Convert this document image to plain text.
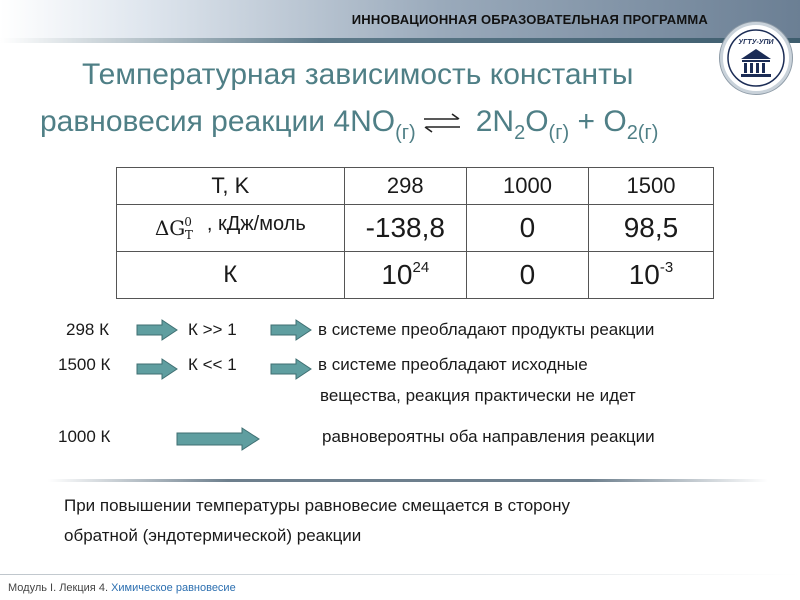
ИННОВАЦИОННАЯ ОБРАЗОВАТЕЛЬНАЯ ПРОГРАММА
УГТУ-УПИ
Температурная зависимость константы
равновесия реакции $4NO_{(г)}$ ⇌ $2N_2O_{(г)} + O_{2(г)}$
T, K	298	1000	1500
$\Delta G^0_T$ $^{, кДж/моль}$	-138,8	0	98,5
К	$10^{24}$	0	$10^{-3}$
298 К	К >> 1	в системе преобладают продукты реакции
1500 К	К << 1	в системе преобладают исходные
вещества, реакция практически не идет
1000 К	равновероятны оба направления реакции
При повышении температуры равновесие смещается в сторону
обратной (эндотермической) реакции
Модуль I. Лекция 4. Химическое равновесие
